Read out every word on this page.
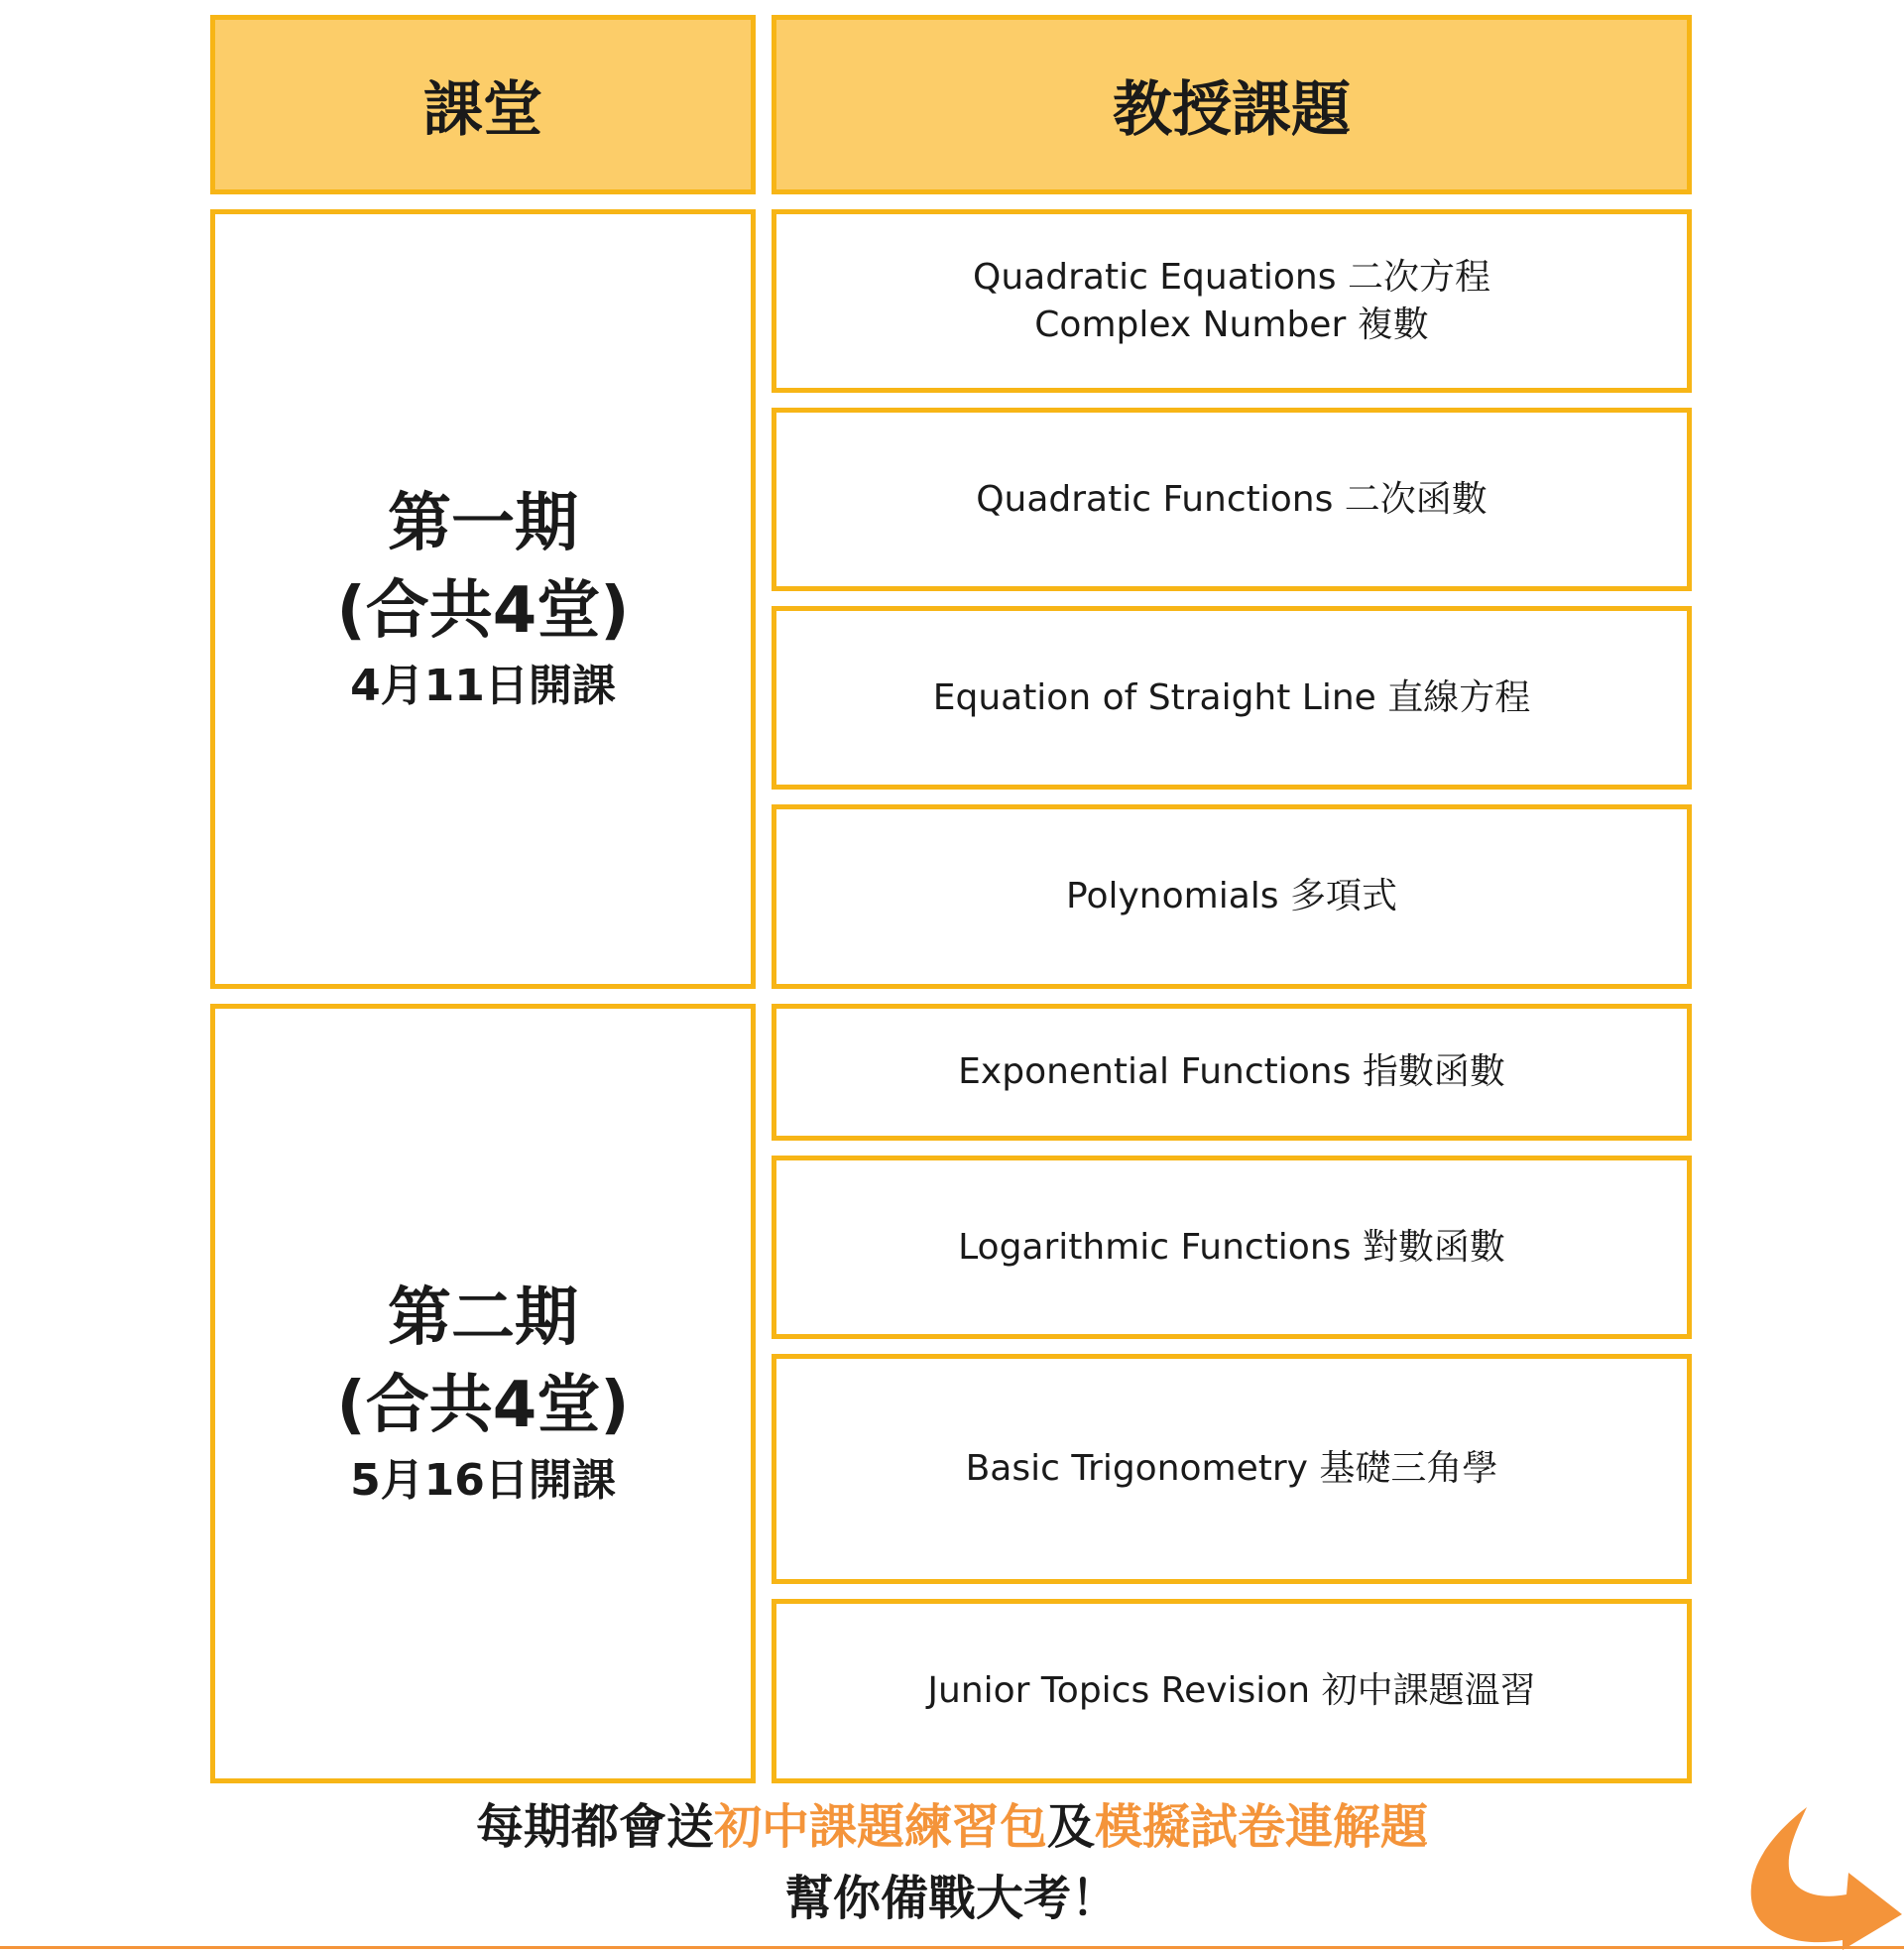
課堂	教授課題
第一期
(合共4堂)
4月11日開課
第二期
(合共4堂)
5月16日開課
Quadratic Equations 二次方程
Complex Number 複數
Quadratic Functions 二次函數
Equation of Straight Line 直線方程
Polynomials 多項式
Exponential Functions 指數函數
Logarithmic Functions 對數函數
Basic Trigonometry 基礎三角學
Junior Topics Revision 初中課題溫習
每期都會送初中課題練習包及模擬試卷連解題
幫你備戰大考！
